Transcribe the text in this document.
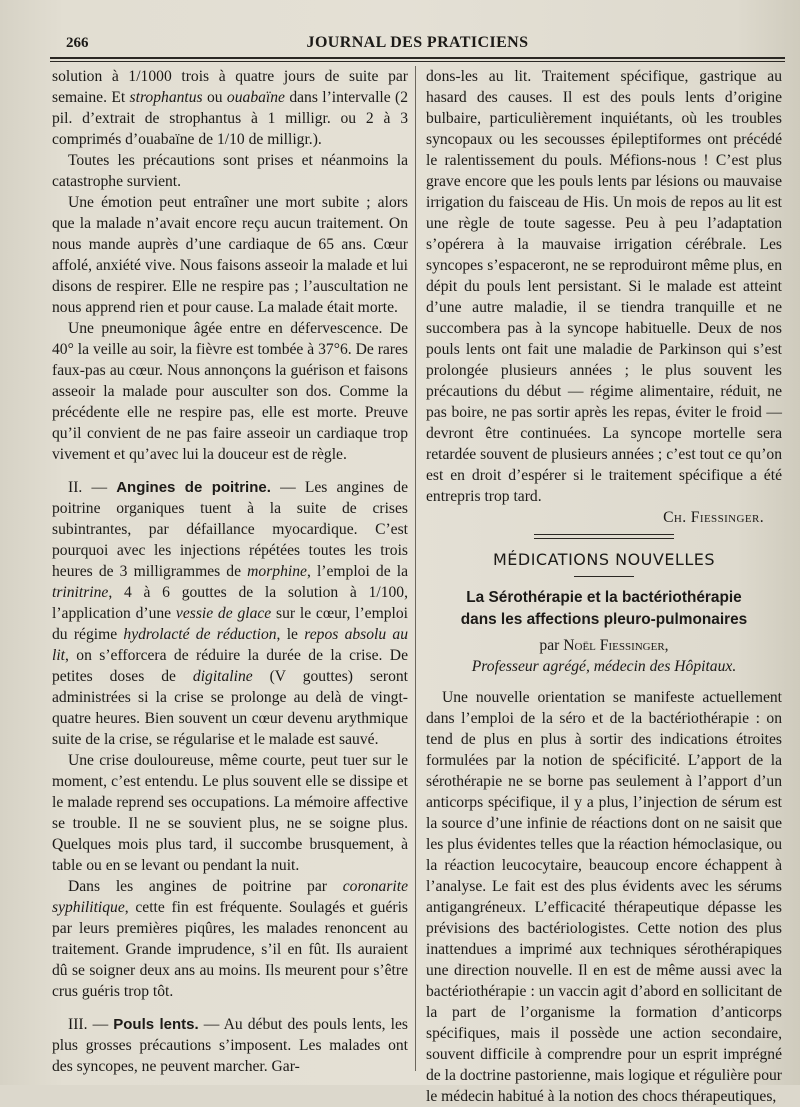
266	JOURNAL DES PRATICIENS

solution à 1/1000 trois à quatre jours de suite par semaine. Et strophantus ou ouabaïne dans l’intervalle (2 pil. d’extrait de strophantus à 1 milligr. ou 2 à 3 comprimés d’ouabaïne de 1/10 de milligr.).

Toutes les précautions sont prises et néanmoins la catastrophe survient.

Une émotion peut entraîner une mort subite ; alors que la malade n’avait encore reçu aucun traitement. On nous mande auprès d’une cardiaque de 65 ans. Cœur affolé, anxiété vive. Nous faisons asseoir la malade et lui disons de respirer. Elle ne respire pas ; l’auscultation ne nous apprend rien et pour cause. La malade était morte.

Une pneumonique âgée entre en défervescence. De 40° la veille au soir, la fièvre est tombée à 37°6. De rares faux-pas au cœur. Nous annonçons la guérison et faisons asseoir la malade pour ausculter son dos. Comme la précédente elle ne respire pas, elle est morte. Preuve qu’il convient de ne pas faire asseoir un cardiaque trop vivement et qu’avec lui la douceur est de règle.

II. — Angines de poitrine. — Les angines de poitrine organiques tuent à la suite de crises subintrantes, par défaillance myocardique. C’est pourquoi avec les injections répétées toutes les trois heures de 3 milligrammes de morphine, l’emploi de la trinitrine, 4 à 6 gouttes de la solution à 1/100, l’application d’une vessie de glace sur le cœur, l’emploi du régime hydrolacté de réduction, le repos absolu au lit, on s’efforcera de réduire la durée de la crise. De petites doses de digitaline (V gouttes) seront administrées si la crise se prolonge au delà de vingt-quatre heures. Bien souvent un cœur devenu arythmique suite de la crise, se régularise et le malade est sauvé.

Une crise douloureuse, même courte, peut tuer sur le moment, c’est entendu. Le plus souvent elle se dissipe et le malade reprend ses occupations. La mémoire affective se trouble. Il ne se souvient plus, ne se soigne plus. Quelques mois plus tard, il succombe brusquement, à table ou en se levant ou pendant la nuit.

Dans les angines de poitrine par coronarite syphilitique, cette fin est fréquente. Soulagés et guéris par leurs premières piqûres, les malades renoncent au traitement. Grande imprudence, s’il en fût. Ils auraient dû se soigner deux ans au moins. Ils meurent pour s’être crus guéris trop tôt.

III. — Pouls lents. — Au début des pouls lents, les plus grosses précautions s’imposent. Les malades ont des syncopes, ne peuvent marcher. Gar-

dons-les au lit. Traitement spécifique, gastrique au hasard des causes. Il est des pouls lents d’origine bulbaire, particulièrement inquiétants, où les troubles syncopaux ou les secousses épileptiformes ont précédé le ralentissement du pouls. Méfions-nous ! C’est plus grave encore que les pouls lents par lésions ou mauvaise irrigation du faisceau de His. Un mois de repos au lit est une règle de toute sagesse. Peu à peu l’adaptation s’opérera à la mauvaise irrigation cérébrale. Les syncopes s’espaceront, ne se reproduiront même plus, en dépit du pouls lent persistant. Si le malade est atteint d’une autre maladie, il se tiendra tranquille et ne succombera pas à la syncope habituelle. Deux de nos pouls lents ont fait une maladie de Parkinson qui s’est prolongée plusieurs années ; le plus souvent les précautions du début — régime alimentaire, réduit, ne pas boire, ne pas sortir après les repas, éviter le froid — devront être continuées. La syncope mortelle sera retardée souvent de plusieurs années ; c’est tout ce qu’on est en droit d’espérer si le traitement spécifique a été entrepris trop tard.

Ch. Fiessinger.

MÉDICATIONS NOUVELLES
La Sérothérapie et la bactériothérapie
dans les affections pleuro-pulmonaires
par Noël Fiessinger,
Professeur agrégé, médecin des Hôpitaux.

Une nouvelle orientation se manifeste actuellement dans l’emploi de la séro et de la bactériothérapie : on tend de plus en plus à sortir des indications étroites formulées par la notion de spécificité. L’apport de la sérothérapie ne se borne pas seulement à l’apport d’un anticorps spécifique, il y a plus, l’injection de sérum est la source d’une infinie de réactions dont on ne saisit que les plus évidentes telles que la réaction hémoclasique, ou la réaction leucocytaire, beaucoup encore échappent à l’analyse. Le fait est des plus évidents avec les sérums antigangréneux. L’efficacité thérapeutique dépasse les prévisions des bactériologistes. Cette notion des plus inattendues a imprimé aux techniques sérothérapiques une direction nouvelle. Il en est de même aussi avec la bactériothérapie : un vaccin agit d’abord en sollicitant de la part de l’organisme la formation d’anticorps spécifiques, mais il possède une action secondaire, souvent difficile à comprendre pour un esprit imprégné de la doctrine pastorienne, mais logique et régulière pour le médecin habitué à la notion des chocs thérapeutiques,
